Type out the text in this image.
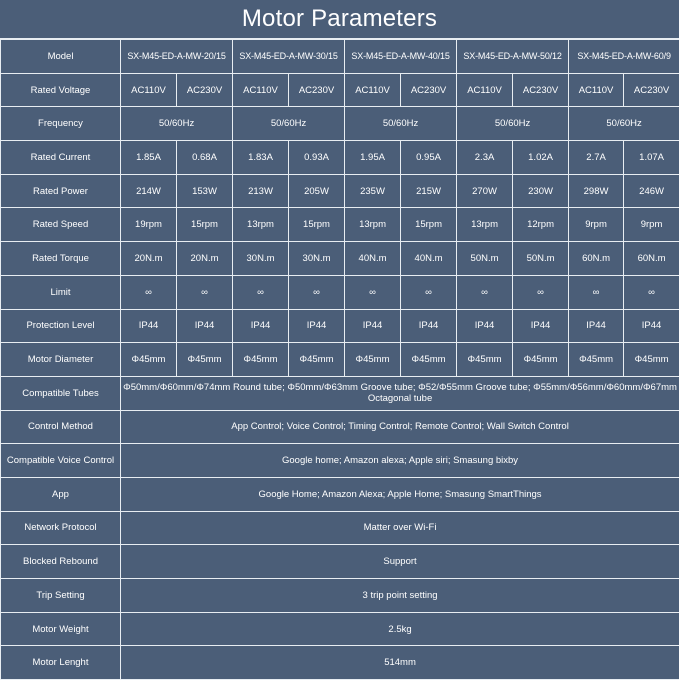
Motor Parameters
Model	SX-M45-ED-A-MW-20/15		SX-M45-ED-A-MW-30/15		SX-M45-ED-A-MW-40/15		SX-M45-ED-A-MW-50/12		SX-M45-ED-A-MW-60/9	
Rated Voltage	AC110V	AC230V	AC110V	AC230V	AC110V	AC230V	AC110V	AC230V	AC110V	AC230V
Frequency	50/60Hz		50/60Hz		50/60Hz		50/60Hz		50/60Hz	
Rated Current	1.85A	0.68A	1.83A	0.93A	1.95A	0.95A	2.3A	1.02A	2.7A	1.07A
Rated Power	214W	153W	213W	205W	235W	215W	270W	230W	298W	246W
Rated Speed	19rpm	15rpm	13rpm	15rpm	13rpm	15rpm	13rpm	12rpm	9rpm	9rpm
Rated Torque	20N.m	20N.m	30N.m	30N.m	40N.m	40N.m	50N.m	50N.m	60N.m	60N.m
Limit	∞	∞	∞	∞	∞	∞	∞	∞	∞	∞
Protection Level	IP44	IP44	IP44	IP44	IP44	IP44	IP44	IP44	IP44	IP44
Motor Diameter	Φ45mm	Φ45mm	Φ45mm	Φ45mm	Φ45mm	Φ45mm	Φ45mm	Φ45mm	Φ45mm	Φ45mm
Compatible Tubes	Φ50mm/Φ60mm/Φ74mm Round tube; Φ50mm/Φ63mm Groove tube; Φ52/Φ55mm Groove tube; Φ55mm/Φ56mm/Φ60mm/Φ67mm Octagonal tube									
Control Method	App Control; Voice Control; Timing Control; Remote Control; Wall Switch Control									
Compatible Voice Control	Google home; Amazon alexa; Apple siri; Smasung bixby									
App	Google Home; Amazon Alexa; Apple Home; Smasung SmartThings									
Network Protocol	Matter over Wi-Fi									
Blocked Rebound	Support									
Trip Setting	3 trip point setting									
Motor Weight	2.5kg									
Motor Lenght	514mm									
